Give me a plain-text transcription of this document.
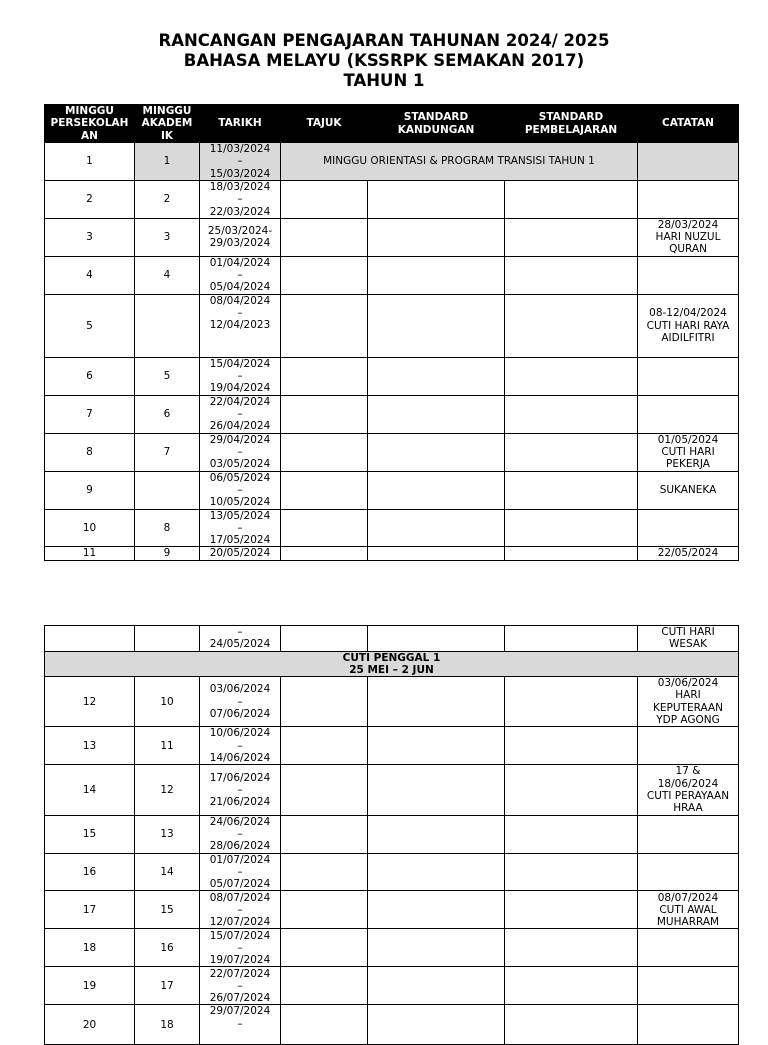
RANCANGAN PENGAJARAN TAHUNAN 2024/ 2025
BAHASA MELAYU (KSSRPK SEMAKAN 2017)
TAHUN 1
MINGGU
PERSEKOLAH
AN	MINGGU
AKADEM
IK	TARIKH	TAJUK	STANDARD
KANDUNGAN	STANDARD
PEMBELAJARAN	CATATAN
1	1	11/03/2024
–
15/03/2024	MINGGU ORIENTASI & PROGRAM TRANSISI TAHUN 1			
2	2	18/03/2024
–
22/03/2024				
3	3	25/03/2024-
29/03/2024				28/03/2024
HARI NUZUL
QURAN
4	4	01/04/2024
–
05/04/2024				
5		08/04/2024
–
12/04/2023				08-12/04/2024
CUTI HARI RAYA
AIDILFITRI
6	5	15/04/2024
–
19/04/2024				
7	6	22/04/2024
–
26/04/2024				
8	7	29/04/2024
–
03/05/2024				01/05/2024
CUTI HARI
PEKERJA
9		06/05/2024
–
10/05/2024				SUKANEKA
10	8	13/05/2024
–
17/05/2024				
11	9	20/05/2024				22/05/2024
		–
24/05/2024				CUTI HARI
WESAK
CUTI PENGGAL 1
25 MEI – 2 JUN						
12	10	03/06/2024
–
07/06/2024				03/06/2024
HARI
KEPUTERAAN
YDP AGONG
13	11	10/06/2024
–
14/06/2024				
14	12	17/06/2024
–
21/06/2024				17 &
18/06/2024
CUTI PERAYAAN
HRAA
15	13	24/06/2024
–
28/06/2024				
16	14	01/07/2024
–
05/07/2024				
17	15	08/07/2024
–
12/07/2024				08/07/2024
CUTI AWAL
MUHARRAM
18	16	15/07/2024
–
19/07/2024				
19	17	22/07/2024
–
26/07/2024				
20	18	29/07/2024
–				
